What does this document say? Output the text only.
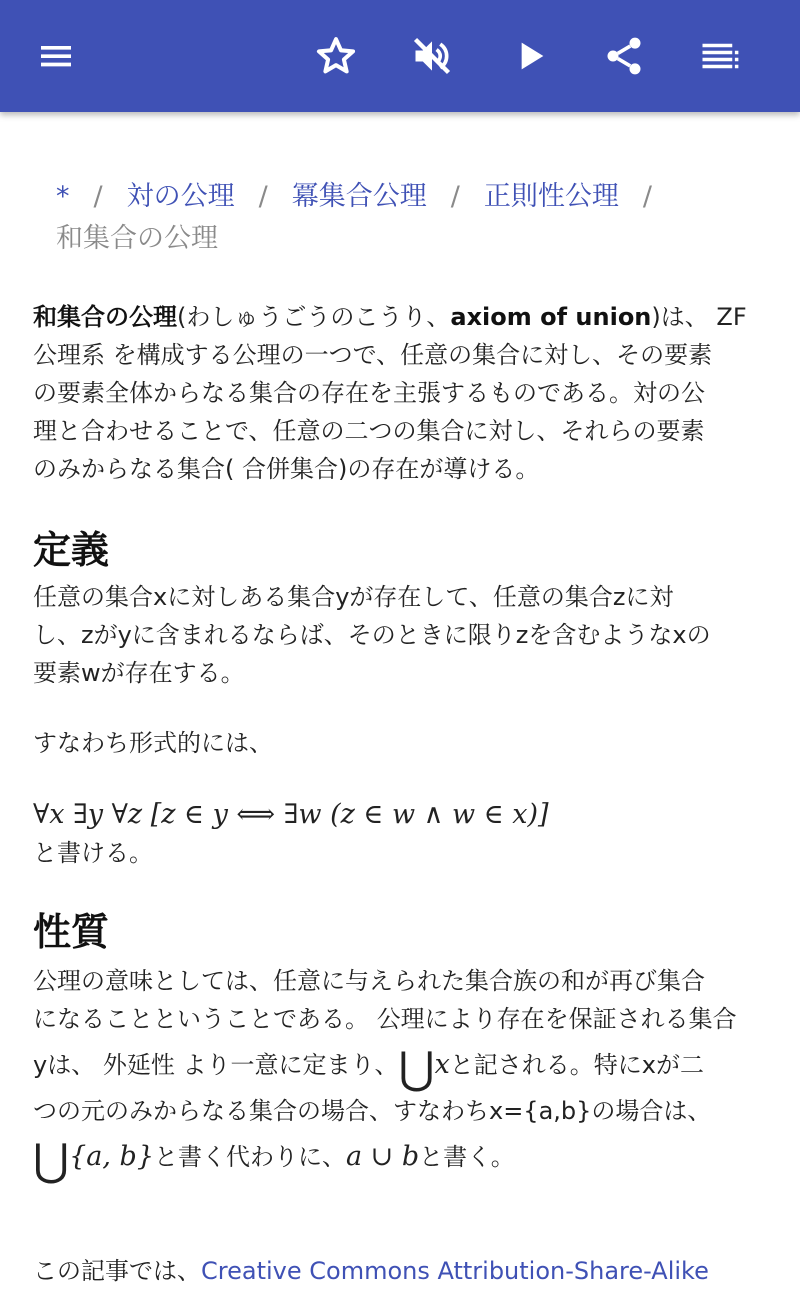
* / 対の公理 / 冪集合公理 / 正則性公理 /
和集合の公理
和集合の公理(わしゅうごうのこうり、axiom of union)は、 ZF
公理系 を構成する公理の一つで、任意の集合に対し、その要素
の要素全体からなる集合の存在を主張するものである。対の公
理と合わせることで、任意の二つの集合に対し、それらの要素
のみからなる集合( 合併集合)の存在が導ける。
定義
任意の集合xに対しある集合yが存在して、任意の集合zに対
し、zがyに含まれるならば、そのときに限りzを含むようなxの
要素wが存在する。
すなわち形式的には、
∀x ∃y ∀z [z ∈ y ⟺ ∃w (z ∈ w ∧ w ∈ x)]
と書ける。
性質
公理の意味としては、任意に与えられた集合族の和が再び集合
になることということである。 公理により存在を保証される集合
yは、 外延性 より一意に定まり、⋃xと記される。特にxが二
つの元のみからなる集合の場合、すなわちx={a,b}の場合は、
⋃{a, b}と書く代わりに、a ∪ bと書く。
この記事では、Creative Commons Attribution-Share-Alike
